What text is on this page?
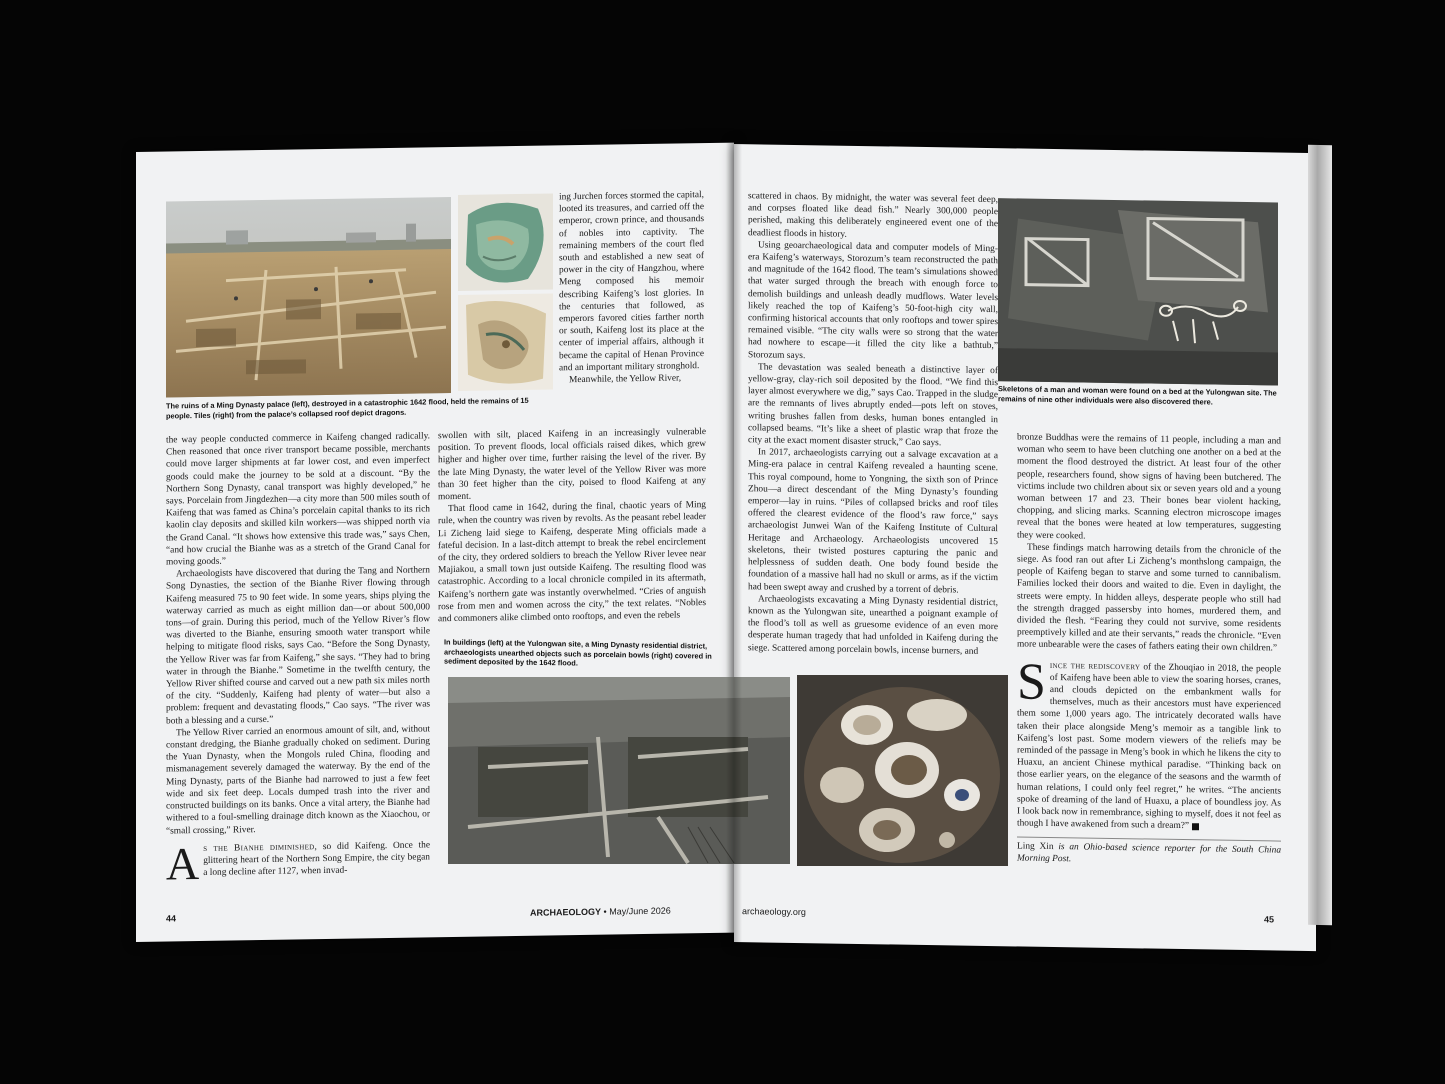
The ruins of a Ming Dynasty palace (left), destroyed in a catastrophic 1642 flood, held the remains of 15 people. Tiles (right) from the palace’s collapsed roof depict dragons.

ing Jurchen forces stormed the capital, looted its treasures, and carried off the emperor, crown prince, and thousands of nobles into captivity. The remaining members of the court fled south and established a new seat of power in the city of Hangzhou, where Meng composed his memoir describing Kaifeng’s lost glories. In the centuries that followed, as emperors favored cities farther north or south, Kaifeng lost its place at the center of imperial affairs, although it became the capital of Henan Province and an important military stronghold.

Meanwhile, the Yellow River,

the way people conducted commerce in Kaifeng changed radically. Chen reasoned that once river transport became possible, merchants could move larger shipments at far lower cost, and even imperfect goods could make the journey to be sold at a discount. “By the Northern Song Dynasty, canal transport was highly developed,” he says. Porcelain from Jingdezhen—a city more than 500 miles south of Kaifeng that was famed as China’s porcelain capital thanks to its rich kaolin clay deposits and skilled kiln workers—was shipped north via the Grand Canal. “It shows how extensive this trade was,” says Chen, “and how crucial the Bianhe was as a stretch of the Grand Canal for moving goods.”

Archaeologists have discovered that during the Tang and Northern Song Dynasties, the section of the Bianhe River flowing through Kaifeng measured 75 to 90 feet wide. In some years, ships plying the waterway carried as much as eight million dan—or about 500,000 tons—of grain. During this period, much of the Yellow River’s flow was diverted to the Bianhe, ensuring smooth water transport while helping to mitigate flood risks, says Cao. “Before the Song Dynasty, the Yellow River was far from Kaifeng,” she says. “They had to bring water in through the Bianhe.” Sometime in the twelfth century, the Yellow River shifted course and carved out a new path six miles north of the city. “Suddenly, Kaifeng had plenty of water—but also a problem: frequent and devastating floods,” Cao says. “The river was both a blessing and a curse.”

The Yellow River carried an enormous amount of silt, and, without constant dredging, the Bianhe gradually choked on sediment. During the Yuan Dynasty, when the Mongols ruled China, flooding and mismanagement severely damaged the waterway. By the end of the Ming Dynasty, parts of the Bianhe had narrowed to just a few feet wide and six feet deep. Locals dumped trash into the river and constructed buildings on its banks. Once a vital artery, the Bianhe had withered to a foul-smelling drainage ditch known as the Xiaochou, or “small crossing,” River.

As the Bianhe diminished, so did Kaifeng. Once the glittering heart of the Northern Song Empire, the city began a long decline after 1127, when invad-

swollen with silt, placed Kaifeng in an increasingly vulnerable position. To prevent floods, local officials raised dikes, which grew higher and higher over time, further raising the level of the river. By the late Ming Dynasty, the water level of the Yellow River was more than 30 feet higher than the city, poised to flood Kaifeng at any moment.

That flood came in 1642, during the final, chaotic years of Ming rule, when the country was riven by revolts. As the peasant rebel leader Li Zicheng laid siege to Kaifeng, desperate Ming officials made a fateful decision. In a last-ditch attempt to break the rebel encirclement of the city, they ordered soldiers to breach the Yellow River levee near Majiakou, a small town just outside Kaifeng. The resulting flood was catastrophic. According to a local chronicle compiled in its aftermath, Kaifeng’s northern gate was instantly overwhelmed. “Cries of anguish rose from men and women across the city,” the text relates. “Nobles and commoners alike climbed onto rooftops, and even the rebels

44
ARCHAEOLOGY • May/June 2026

scattered in chaos. By midnight, the water was several feet deep, and corpses floated like dead fish.” Nearly 300,000 people perished, making this deliberately engineered event one of the deadliest floods in history.

Using geoarchaeological data and computer models of Ming-era Kaifeng’s waterways, Storozum’s team reconstructed the path and magnitude of the 1642 flood. The team’s simulations showed that water surged through the breach with enough force to demolish buildings and unleash deadly mudflows. Water levels likely reached the top of Kaifeng’s 50-foot-high city wall, confirming historical accounts that only rooftops and tower spires remained visible. “The city walls were so strong that the water had nowhere to escape—it filled the city like a bathtub,” Storozum says.

The devastation was sealed beneath a distinctive layer of yellow-gray, clay-rich soil deposited by the flood. “We find this layer almost everywhere we dig,” says Cao. Trapped in the sludge are the remnants of lives abruptly ended—pots left on stoves, writing brushes fallen from desks, human bones entangled in collapsed beams. “It’s like a sheet of plastic wrap that froze the city at the exact moment disaster struck,” Cao says.

In 2017, archaeologists carrying out a salvage excavation at a Ming-era palace in central Kaifeng revealed a haunting scene. This royal compound, home to Yongning, the sixth son of Prince Zhou—a direct descendant of the Ming Dynasty’s founding emperor—lay in ruins. “Piles of collapsed bricks and roof tiles offered the clearest evidence of the flood’s raw force,” says archaeologist Junwei Wan of the Kaifeng Institute of Cultural Heritage and Archaeology. Archaeologists uncovered 15 skeletons, their twisted postures capturing the panic and helplessness of sudden death. One body found beside the foundation of a massive hall had no skull or arms, as if the victim had been swept away and crushed by a torrent of debris.

Archaeologists excavating a Ming Dynasty residential district, known as the Yulongwan site, unearthed a poignant example of the flood’s toll as well as gruesome evidence of an even more desperate human tragedy that had unfolded in Kaifeng during the siege. Scattered among porcelain bowls, incense burners, and

Skeletons of a man and woman were found on a bed at the Yulongwan site. The remains of nine other individuals were also discovered there.
In buildings (left) at the Yulongwan site, a Ming Dynasty residential district, archaeologists unearthed objects such as porcelain bowls (right) covered in sediment deposited by the 1642 flood.

bronze Buddhas were the remains of 11 people, including a man and woman who seem to have been clutching one another on a bed at the moment the flood destroyed the district. At least four of the other people, researchers found, show signs of having been butchered. The victims include two children about six or seven years old and a young woman between 17 and 23. Their bones bear violent hacking, chopping, and slicing marks. Scanning electron microscope images reveal that the bones were heated at low temperatures, suggesting they were cooked.

These findings match harrowing details from the chronicle of the siege. As food ran out after Li Zicheng’s monthslong campaign, the people of Kaifeng began to starve and some turned to cannibalism. Families locked their doors and waited to die. Even in daylight, the streets were empty. In hidden alleys, desperate people who still had the strength dragged passersby into homes, murdered them, and divided the flesh. “Fearing they could not survive, some residents preemptively killed and ate their servants,” reads the chronicle. “Even more unbearable were the cases of fathers eating their own children.”

Since the rediscovery of the Zhouqiao in 2018, the people of Kaifeng have been able to view the soaring horses, cranes, and clouds depicted on the embankment walls for themselves, much as their ancestors must have experienced them some 1,000 years ago. The intricately decorated walls have taken their place alongside Meng’s memoir as a tangible link to Kaifeng’s lost past. Some modern viewers of the reliefs may be reminded of the passage in Meng’s book in which he likens the city to Huaxu, an ancient Chinese mythical paradise. “Thinking back on those earlier years, on the elegance of the seasons and the warmth of human relations, I could only feel regret,” he writes. “The ancients spoke of dreaming of the land of Huaxu, a place of boundless joy. As I look back now in remembrance, sighing to myself, does it not feel as though I have awakened from such a dream?”

Ling Xin is an Ohio-based science reporter for the South China Morning Post.

archaeology.org
45
